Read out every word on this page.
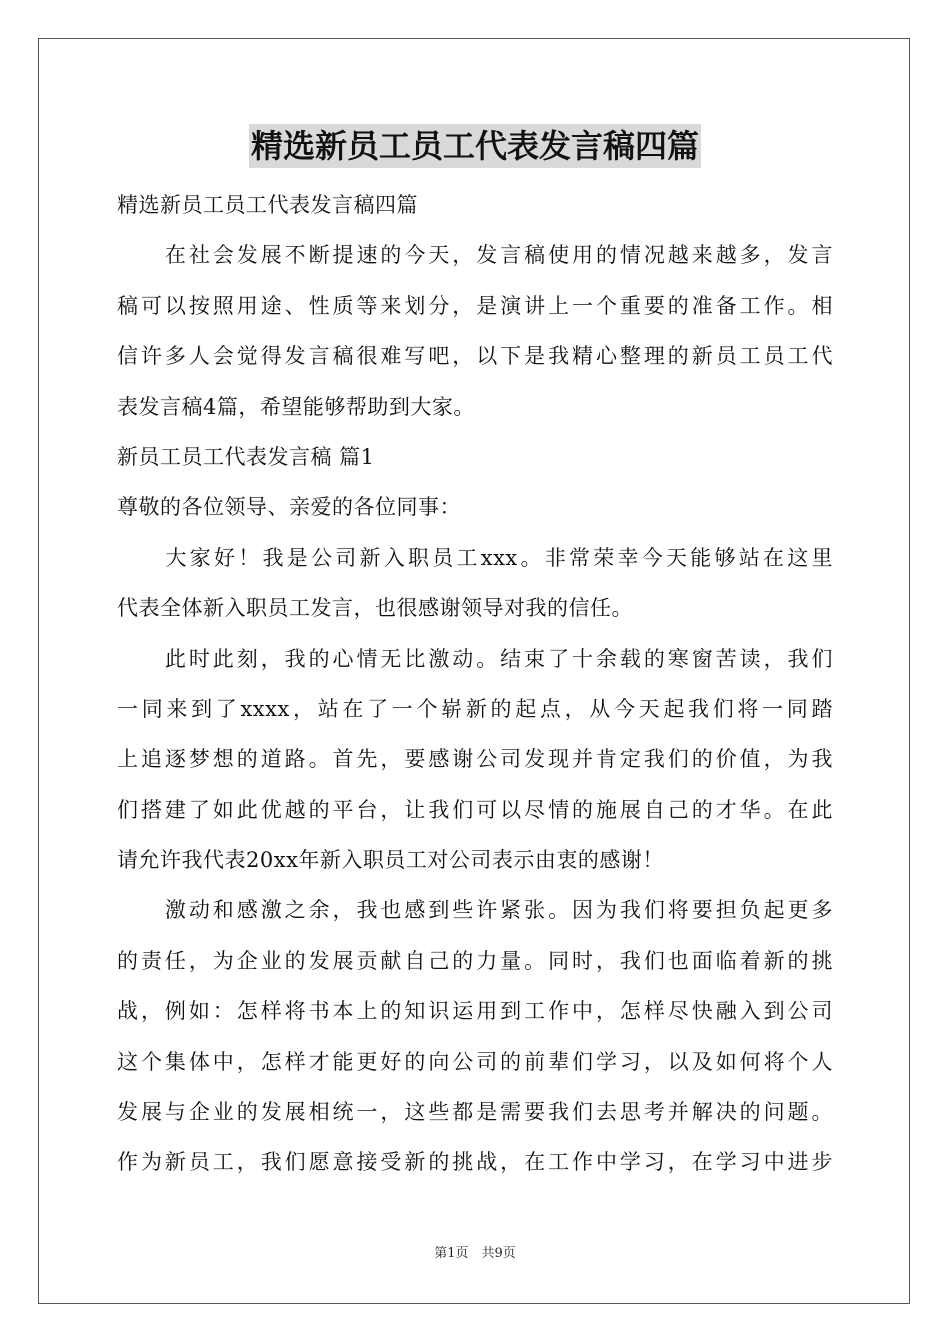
精选新员工员工代表发言稿四篇
精选新员工员工代表发言稿四篇
　　在社会发展不断提速的今天，发言稿使用的情况越来越多，发言
稿可以按照用途、性质等来划分，是演讲上一个重要的准备工作。相
信许多人会觉得发言稿很难写吧，以下是我精心整理的新员工员工代
表发言稿4篇，希望能够帮助到大家。
新员工员工代表发言稿 篇1
尊敬的各位领导、亲爱的各位同事：
　　大家好！我是公司新入职员工xxx。非常荣幸今天能够站在这里
代表全体新入职员工发言，也很感谢领导对我的信任。
　　此时此刻，我的心情无比激动。结束了十余载的寒窗苦读，我们
一同来到了xxxx，站在了一个崭新的起点，从今天起我们将一同踏
上追逐梦想的道路。首先，要感谢公司发现并肯定我们的价值，为我
们搭建了如此优越的平台，让我们可以尽情的施展自己的才华。在此
请允许我代表20xx年新入职员工对公司表示由衷的感谢！
　　激动和感激之余，我也感到些许紧张。因为我们将要担负起更多
的责任，为企业的发展贡献自己的力量。同时，我们也面临着新的挑
战，例如：怎样将书本上的知识运用到工作中，怎样尽快融入到公司
这个集体中，怎样才能更好的向公司的前辈们学习，以及如何将个人
发展与企业的发展相统一，这些都是需要我们去思考并解决的问题。
作为新员工，我们愿意接受新的挑战，在工作中学习，在学习中进步
第1页　共9页
